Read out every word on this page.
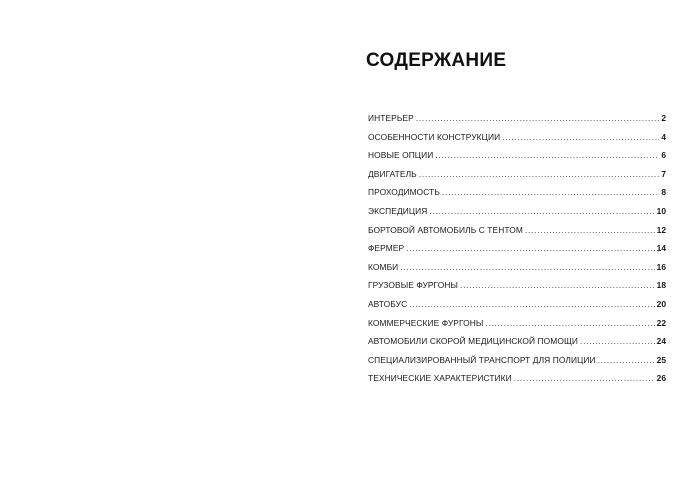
СОДЕРЖАНИЕ
ИНТЕРЬЕР . . .	2
ОСОБЕННОСТИ КОНСТРУКЦИИ . . .	4
НОВЫЕ ОПЦИИ . . .	6
ДВИГАТЕЛЬ . . .	7
ПРОХОДИМОСТЬ . . .	8
ЭКСПЕДИЦИЯ . . .	10
БОРТОВОЙ АВТОМОБИЛЬ С ТЕНТОМ . . .	12
ФЕРМЕР . . .	14
КОМБИ . . .	16
ГРУЗОВЫЕ ФУРГОНЫ . . .	18
АВТОБУС . . .	20
КОММЕРЧЕСКИЕ ФУРГОНЫ . . .	22
АВТОМОБИЛИ СКОРОЙ МЕДИЦИНСКОЙ ПОМОЩИ . . .	24
СПЕЦИАЛИЗИРОВАННЫЙ ТРАНСПОРТ ДЛЯ ПОЛИЦИИ . . .	25
ТЕХНИЧЕСКИЕ ХАРАКТЕРИСТИКИ . . .	26
